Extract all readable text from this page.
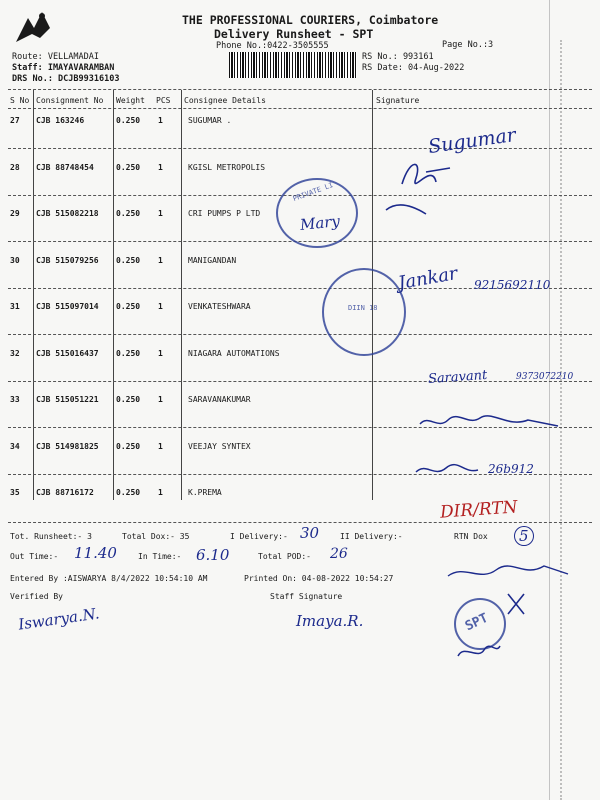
THE PROFESSIONAL COURIERS, Coimbatore
Delivery Runsheet - SPT
Phone No.:0422-3505555	Page No.:3
Route: VELLAMADAI
Staff: IMAYAVARAMBAN
DRS No.: DCJB99316103
RS No.: 993161
RS Date: 04-Aug-2022
S No Consignment No Weight PCS Consignee Details	Signature
27 CJB 163246	0.250 1	SUGUMAR .
28 CJB 88748454	0.250 1	KGISL METROPOLIS
29 CJB 515082218 0.250 1	CRI PUMPS P LTD
30 CJB 515079256 0.250 1	MANIGANDAN
31 CJB 515097014 0.250 1	VENKATESHWARA
32 CJB 515016437 0.250 1	NIAGARA AUTOMATIONS
33 CJB 515051221 0.250 1	SARAVANAKUMAR
34 CJB 514981825 0.250 1	VEEJAY SYNTEX
35 CJB 88716172	0.250 1	K.PREMA
PRIVATE LI
DIIN 18
SPT
Sugumar
Mary
Jankar 9215692110
Saravant	9373072210
26b912
DIR/RTN
Tot. Runsheet:- 3	Total Dox:- 35	I Delivery:- 30	II Delivery:-	RTN Dox	5
Out Time:- 11.40	In Time:- 6.10	Total POD:- 26
Entered By :AISWARYA 8/4/2022 10:54:10 AM	Printed On: 04-08-2022 10:54:27
Verified By	Staff Signature
Iswarya.N.	Imaya.R.
